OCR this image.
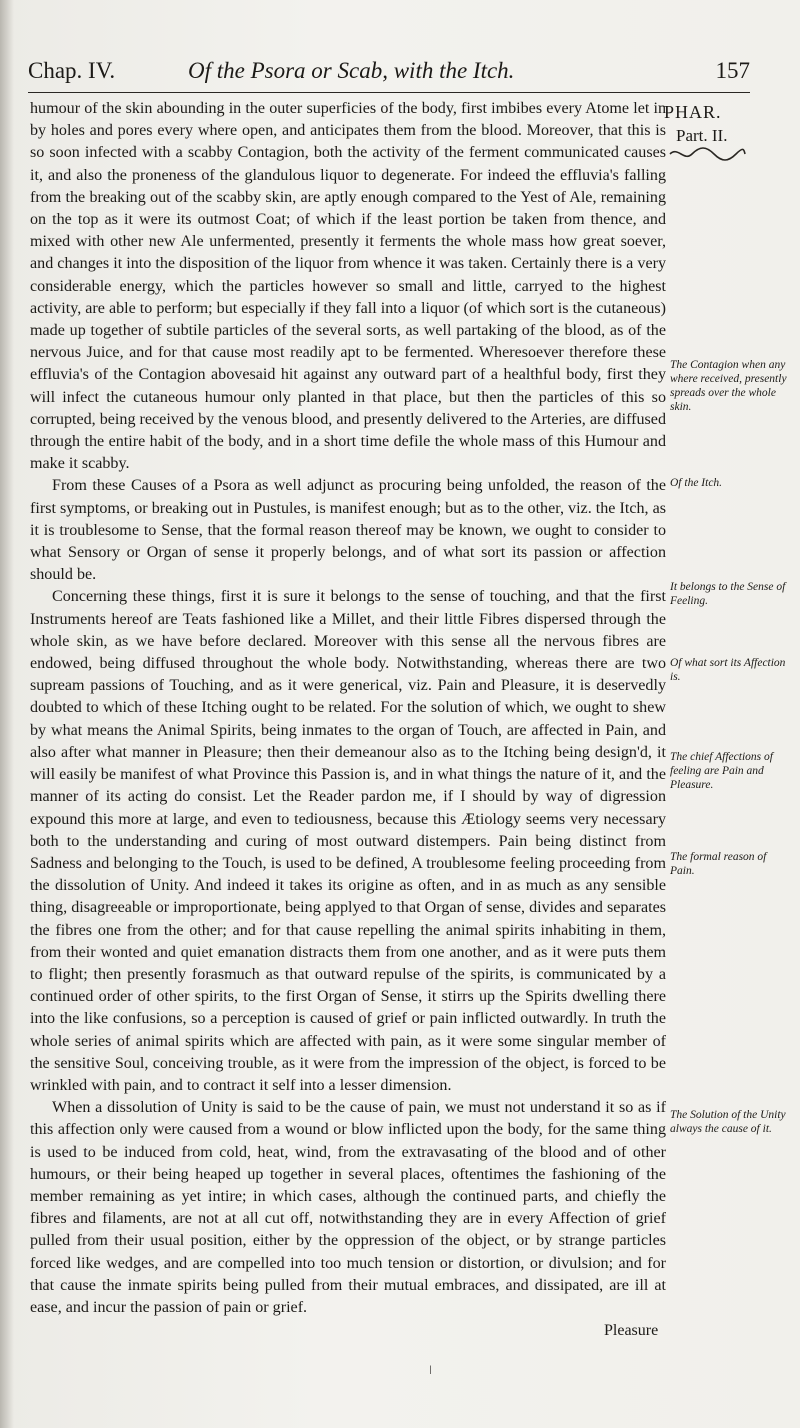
Chap. IV.	Of the Psora or Scab, with the Itch.	157
PHAR.
Part. II.

humour of the skin abounding in the outer superficies of the body, first imbibes every Atome let in by holes and pores every where open, and anticipates them from the blood. Moreover, that this is so soon infected with a scabby Contagion, both the activity of the ferment communicated causes it, and also the proneness of the glandulous liquor to degenerate. For indeed the effluvia's falling from the breaking out of the scabby skin, are aptly enough compared to the Yest of Ale, remaining on the top as it were its outmost Coat; of which if the least portion be taken from thence, and mixed with other new Ale unfermented, presently it ferments the whole mass how great soever, and changes it into the disposition of the liquor from whence it was taken. Certainly there is a very considerable energy, which the particles however so small and little, carryed to the highest activity, are able to perform; but especially if they fall into a liquor (of which sort is the cutaneous) made up together of subtile particles of the several sorts, as well partaking of the blood, as of the nervous Juice, and for that cause most readily apt to be fermented. Wheresoever therefore these effluvia's of the Contagion abovesaid hit against any outward part of a healthful body, first they will infect the cutaneous humour only planted in that place, but then the particles of this so corrupted, being received by the venous blood, and presently delivered to the Arteries, are diffused through the entire habit of the body, and in a short time defile the whole mass of this Humour and make it scabby.

From these Causes of a Psora as well adjunct as procuring being unfolded, the reason of the first symptoms, or breaking out in Pustules, is manifest enough; but as to the other, viz. the Itch, as it is troublesome to Sense, that the formal reason thereof may be known, we ought to consider to what Sensory or Organ of sense it properly belongs, and of what sort its passion or affection should be.

Concerning these things, first it is sure it belongs to the sense of touching, and that the first Instruments hereof are Teats fashioned like a Millet, and their little Fibres dispersed through the whole skin, as we have before declared. Moreover with this sense all the nervous fibres are endowed, being diffused throughout the whole body. Notwithstanding, whereas there are two supream passions of Touching, and as it were generical, viz. Pain and Pleasure, it is deservedly doubted to which of these Itching ought to be related. For the solution of which, we ought to shew by what means the Animal Spirits, being inmates to the organ of Touch, are affected in Pain, and also after what manner in Pleasure; then their demeanour also as to the Itching being design'd, it will easily be manifest of what Province this Passion is, and in what things the nature of it, and the manner of its acting do consist. Let the Reader pardon me, if I should by way of digression expound this more at large, and even to tediousness, because this Ætiology seems very necessary both to the understanding and curing of most outward distempers. Pain being distinct from Sadness and belonging to the Touch, is used to be defined, A troublesome feeling proceeding from the dissolution of Unity. And indeed it takes its origine as often, and in as much as any sensible thing, disagreeable or improportionate, being applyed to that Organ of sense, divides and separates the fibres one from the other; and for that cause repelling the animal spirits inhabiting in them, from their wonted and quiet emanation distracts them from one another, and as it were puts them to flight; then presently forasmuch as that outward repulse of the spirits, is communicated by a continued order of other spirits, to the first Organ of Sense, it stirrs up the Spirits dwelling there into the like confusions, so a perception is caused of grief or pain inflicted outwardly. In truth the whole series of animal spirits which are affected with pain, as it were some singular member of the sensitive Soul, conceiving trouble, as it were from the impression of the object, is forced to be wrinkled with pain, and to contract it self into a lesser dimension.

When a dissolution of Unity is said to be the cause of pain, we must not understand it so as if this affection only were caused from a wound or blow inflicted upon the body, for the same thing is used to be induced from cold, heat, wind, from the extravasating of the blood and of other humours, or their being heaped up together in several places, oftentimes the fashioning of the member remaining as yet intire; in which cases, although the continued parts, and chiefly the fibres and filaments, are not at all cut off, notwithstanding they are in every Affection of grief pulled from their usual position, either by the oppression of the object, or by strange particles forced like wedges, and are compelled into too much tension or distortion, or divulsion; and for that cause the inmate spirits being pulled from their mutual embraces, and dissipated, are ill at ease, and incur the passion of pain or grief.

The Contagion when any where received, presently spreads over the whole skin.
Of the Itch.
It belongs to the Sense of Feeling.
Of what sort its Affection is.
The chief Affections of feeling are Pain and Pleasure.
The formal reason of Pain.
The Solution of the Unity always the cause of it.
Pleasure
ǀ
